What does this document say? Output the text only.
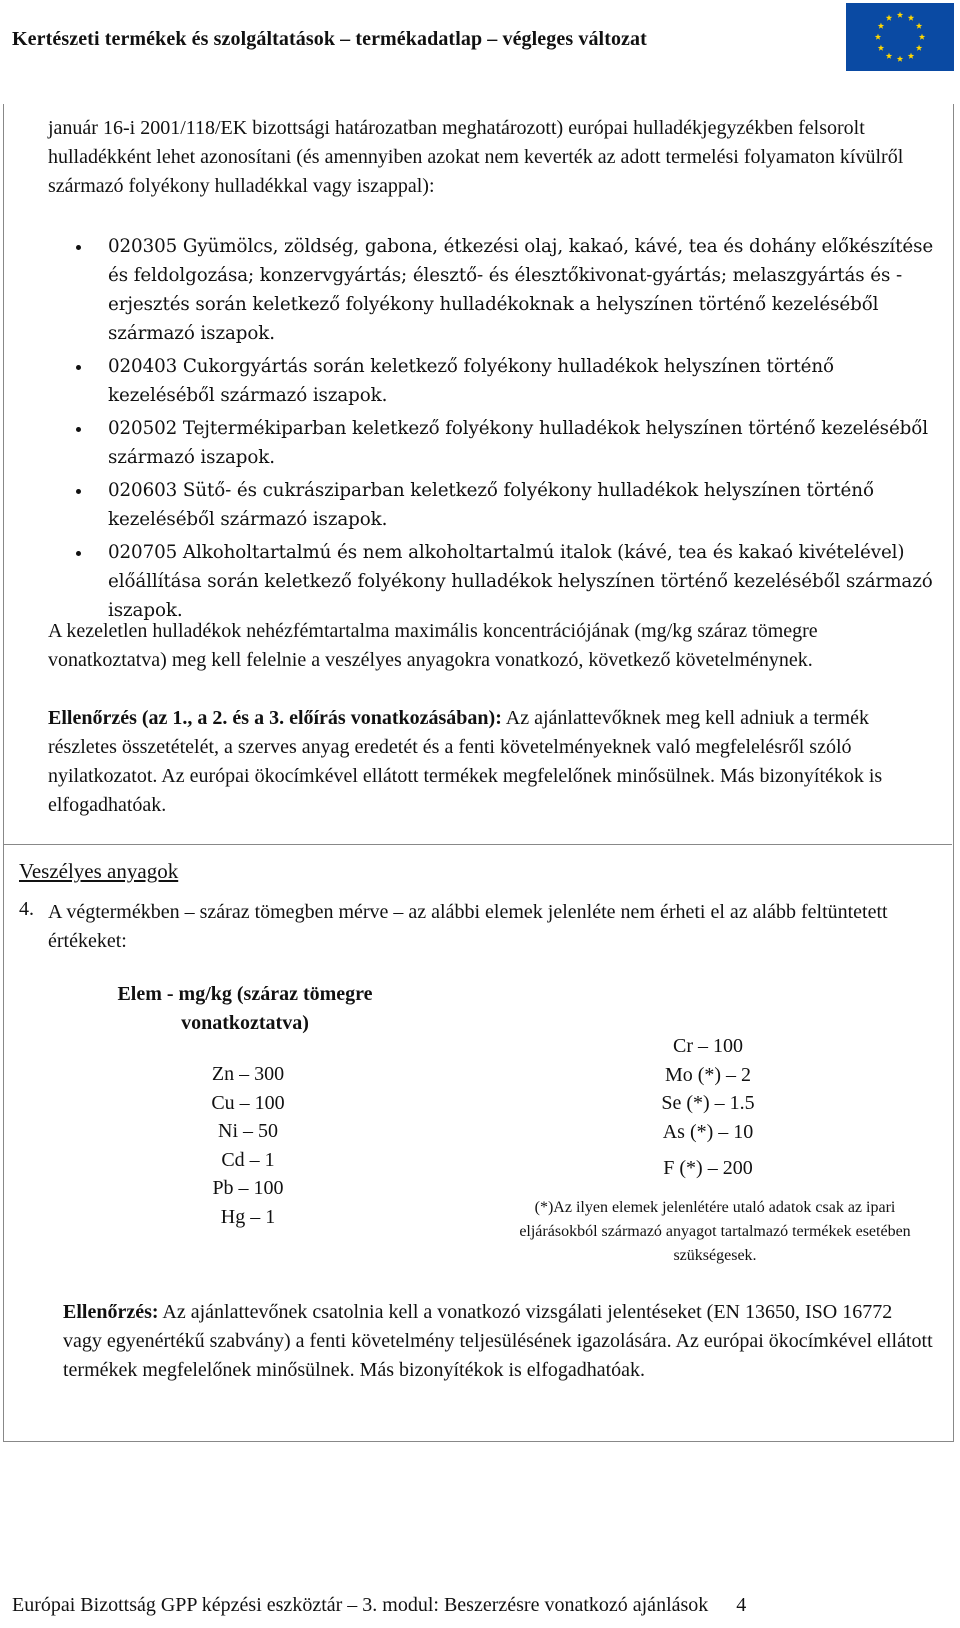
Kertészeti termékek és szolgáltatások – termékadatlap – végleges változat

január 16-i 2001/118/EK bizottsági határozatban meghatározott) európai hulladékjegyzékben felsorolt hulladékként lehet azonosítani (és amennyiben azokat nem keverték az adott termelési folyamaton kívülről származó folyékony hulladékkal vagy iszappal):

020305 Gyümölcs, zöldség, gabona, étkezési olaj, kakaó, kávé, tea és dohány előkészítése és feldolgozása; konzervgyártás; élesztő- és élesztőkivonat-gyártás; melaszgyártás és -erjesztés során keletkező folyékony hulladékoknak a helyszínen történő kezeléséből származó iszapok.
020403 Cukorgyártás során keletkező folyékony hulladékok helyszínen történő kezeléséből származó iszapok.
020502 Tejtermékiparban keletkező folyékony hulladékok helyszínen történő kezeléséből származó iszapok.
020603 Sütő- és cukrásziparban keletkező folyékony hulladékok helyszínen történő kezeléséből származó iszapok.
020705 Alkoholtartalmú és nem alkoholtartalmú italok (kávé, tea és kakaó kivételével) előállítása során keletkező folyékony hulladékok helyszínen történő kezeléséből származó iszapok.

A kezeletlen hulladékok nehézfémtartalma maximális koncentrációjának (mg/kg száraz tömegre vonatkoztatva) meg kell felelnie a veszélyes anyagokra vonatkozó, következő követelménynek.

Ellenőrzés (az 1., a 2. és a 3. előírás vonatkozásában): Az ajánlattevőknek meg kell adniuk a termék részletes összetételét, a szerves anyag eredetét és a fenti követelményeknek való megfelelésről szóló nyilatkozatot. Az európai ökocímkével ellátott termékek megfelelőnek minősülnek. Más bizonyítékok is elfogadhatóak.

Veszélyes anyagok
4. A végtermékben – száraz tömegben mérve – az alábbi elemek jelenléte nem érheti el az alább feltüntetett értékeket:
Elem - mg/kg (száraz tömegre vonatkoztatva)
Zn – 300
Cu – 100
Ni – 50
Cd – 1
Pb – 100
Hg – 1
Cr – 100
Mo (*) – 2
Se (*) – 1.5
As (*) – 10
F (*) – 200
(*)Az ilyen elemek jelenlétére utaló adatok csak az ipari eljárásokból származó anyagot tartalmazó termékek esetében szükségesek.

Ellenőrzés: Az ajánlattevőnek csatolnia kell a vonatkozó vizsgálati jelentéseket (EN 13650, ISO 16772 vagy egyenértékű szabvány) a fenti követelmény teljesülésének igazolására. Az európai ökocímkével ellátott termékek megfelelőnek minősülnek. Más bizonyítékok is elfogadhatóak.

Európai Bizottság GPP képzési eszköztár – 3. modul: Beszerzésre vonatkozó ajánlások 4
